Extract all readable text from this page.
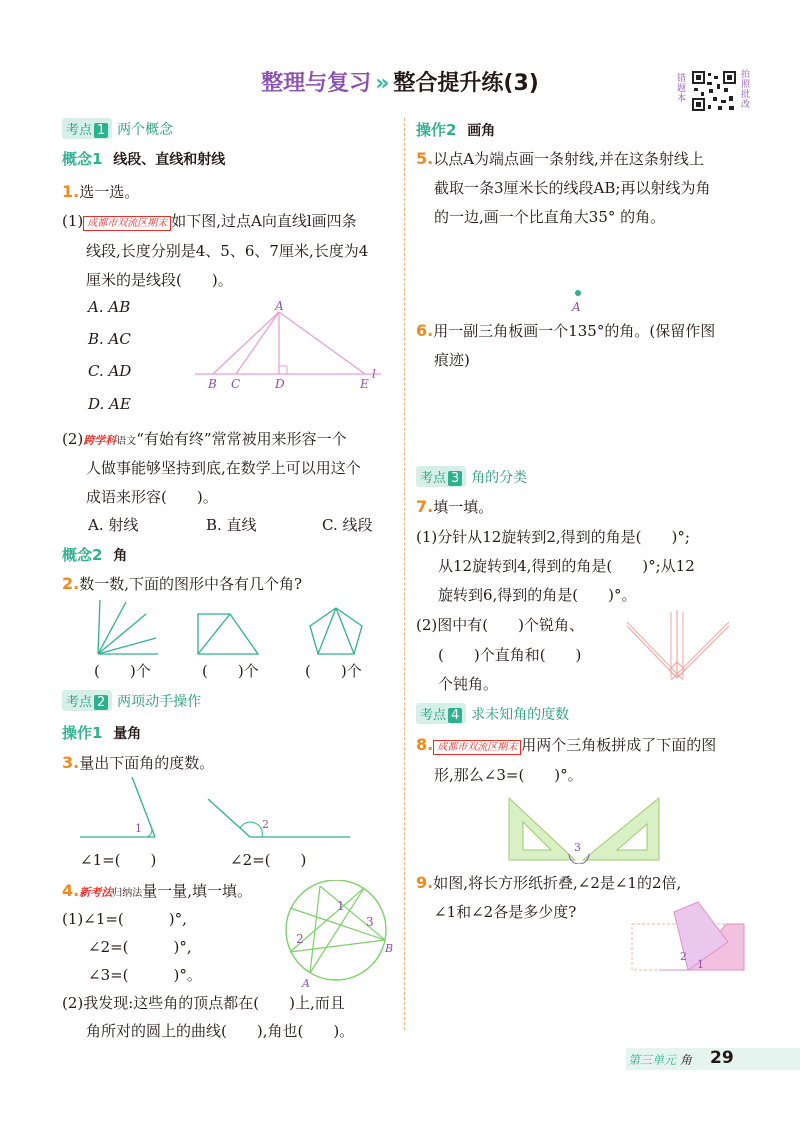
整理与复习 » 整合提升练(3)	错题本
拍照批改
考点 1 两个概念
概念1 线段、直线和射线
1.选一选。
(1) 成都市双流区期末 如下图,过点A向直线l画四条
线段,长度分别是4、5、6、7厘米,长度为4
厘米的是线段(　　)。
A. AB
B. AC
C. AD
D. AE
A
B C	D	E
l
(2)跨学科语文“有始有终”常常被用来形容一个
人做事能够坚持到底,在数学上可以用这个
成语来形容(　　)。
A. 射线	B. 直线	C. 线段
概念2 角
2.数一数,下面的图形中各有几个角?
(　　)个	(　　)个	(　　)个
考点 2 两项动手操作
操作1 量角
3.量出下面角的度数。
1	2
∠1=(　　)	∠2=(　　)
4.新考法归纳法量一量,填一填。
(1)∠1=(　　　)°,
∠2=(　　　)°,
∠3=(　　　)°。
1
2
3
A
B
(2)我发现:这些角的顶点都在(　　)上,而且
角所对的圆上的曲线(　　),角也(　　)。
操作2 画角
5.以点A为端点画一条射线,并在这条射线上
截取一条3厘米长的线段AB;再以射线为角
的一边,画一个比直角大35° 的角。
A
6.用一副三角板画一个135°的角。(保留作图
痕迹)
考点 3 角的分类
7.填一填。
(1)分针从12旋转到2,得到的角是(　　)°;
从12旋转到4,得到的角是(　　)°;从12
旋转到6,得到的角是(　　)°。
(2)图中有(　　)个锐角、
(　　)个直角和(　　)
个钝角。
考点 4 求未知角的度数
8. 成都市双流区期末 用两个三角板拼成了下面的图
形,那么∠3=(　　)°。
3
9.如图,将长方形纸折叠,∠2是∠1的2倍,
∠1和∠2各是多少度?
2
1
第三单元 角 29
